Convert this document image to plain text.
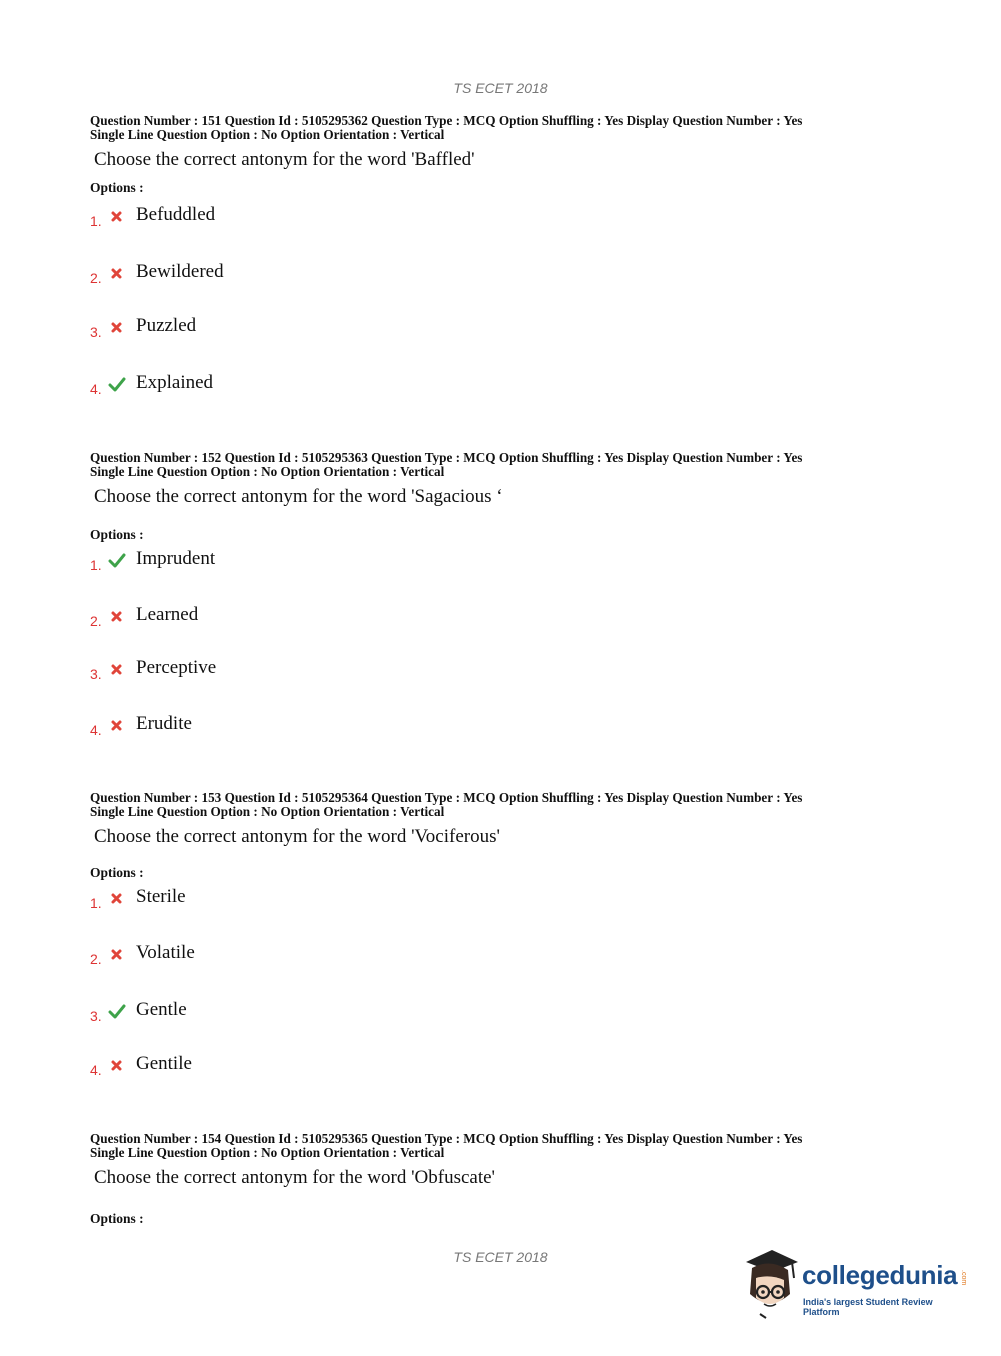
TS ECET 2018
Question Number : 151 Question Id : 5105295362 Question Type : MCQ Option Shuffling : Yes Display Question Number : Yes
Single Line Question Option : No Option Orientation : Vertical
Choose the correct antonym for the word 'Baffled'
Options :
1. Befuddled
2. Bewildered
3. Puzzled
4. Explained
Question Number : 152 Question Id : 5105295363 Question Type : MCQ Option Shuffling : Yes Display Question Number : Yes
Single Line Question Option : No Option Orientation : Vertical
Choose the correct antonym for the word 'Sagacious ‘
Options :
1. Imprudent
2. Learned
3. Perceptive
4. Erudite
Question Number : 153 Question Id : 5105295364 Question Type : MCQ Option Shuffling : Yes Display Question Number : Yes
Single Line Question Option : No Option Orientation : Vertical
Choose the correct antonym for the word 'Vociferous'
Options :
1. Sterile
2. Volatile
3. Gentle
4. Gentile
Question Number : 154 Question Id : 5105295365 Question Type : MCQ Option Shuffling : Yes Display Question Number : Yes
Single Line Question Option : No Option Orientation : Vertical
Choose the correct antonym for the word 'Obfuscate'
Options :
TS ECET 2018
collegedunia .com
India's largest Student Review Platform
